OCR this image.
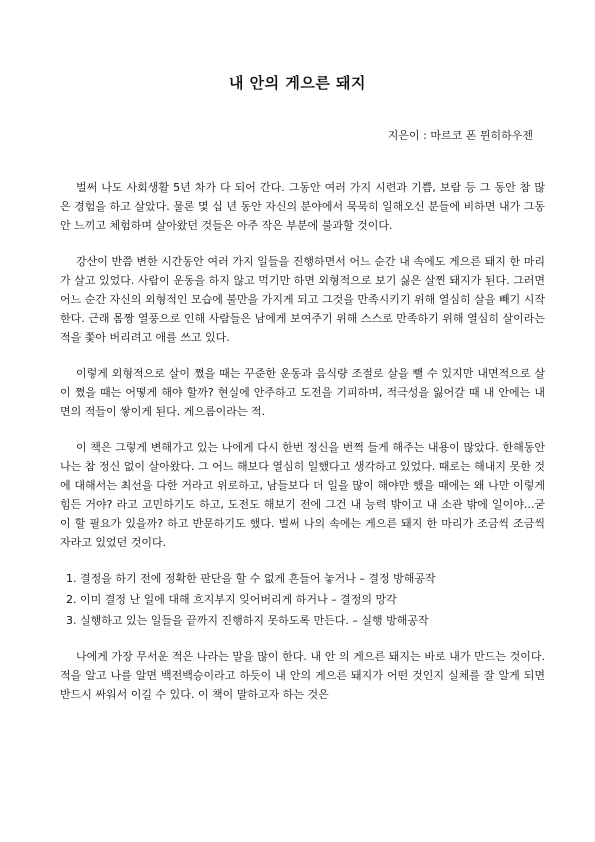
내 안의 게으른 돼지
지은이 : 마르코 폰 뮌히하우젠

벌써 나도 사회생활 5년 차가 다 되어 간다. 그동안 여러 가지 시련과 기쁨, 보람 등 그 동안 참 많은 경험을 하고 살았다. 물론 몇 십 년 동안 자신의 분야에서 묵묵히 일해오신 분들에 비하면 내가 그동안 느끼고 체험하며 살아왔던 것들은 아주 작은 부분에 불과할 것이다.

강산이 반쯤 변한 시간동안 여러 가지 일들을 진행하면서 어느 순간 내 속에도 게으른 돼지 한 마리가 살고 있었다. 사람이 운동을 하지 않고 먹기만 하면 외형적으로 보기 싫은 살찐 돼지가 된다. 그러면 어느 순간 자신의 외형적인 모습에 불만을 가지게 되고 그것을 만족시키기 위해 열심히 살을 빼기 시작한다. 근래 몸짱 열풍으로 인해 사람들은 남에게 보여주기 위해 스스로 만족하기 위해 열심히 살이라는 적을 쫓아 버리려고 애를 쓰고 있다.

이렇게 외형적으로 살이 쪘을 때는 꾸준한 운동과 음식량 조절로 살을 뺄 수 있지만 내면적으로 살이 쪘을 때는 어떻게 해야 할까? 현실에 안주하고 도전을 기피하며, 적극성을 잃어갈 때 내 안에는 내면의 적들이 쌓이게 된다. 게으름이라는 적.

이 책은 그렇게 변해가고 있는 나에게 다시 한번 정신을 번쩍 들게 해주는 내용이 많았다. 한해동안 나는 참 정신 없이 살아왔다. 그 어느 해보다 열심히 일했다고 생각하고 있었다. 때로는 해내지 못한 것에 대해서는 최선을 다한 거라고 위로하고, 남들보다 더 일을 많이 해야만 했을 때에는 왜 나만 이렇게 힘든 거야? 라고 고민하기도 하고, 도전도 해보기 전에 그건 내 능력 밖이고 내 소관 밖에 일이야...굳이 할 필요가 있을까? 하고 반문하기도 했다. 벌써 나의 속에는 게으른 돼지 한 마리가 조금씩 조금씩 자라고 있었던 것이다.

1. 결정을 하기 전에 정확한 판단을 할 수 없게 흔들어 놓거나 – 결정 방해공작
2. 이미 결정 난 일에 대해 흐지부지 잊어버리게 하거나 – 결정의 망각
3. 실행하고 있는 일들을 끝까지 진행하지 못하도록 만든다. – 실행 방해공작

나에게 가장 무서운 적은 나라는 말을 많이 한다. 내 안 의 게으른 돼지는 바로 내가 만드는 것이다. 적을 알고 나를 알면 백전백승이라고 하듯이 내 안의 게으른 돼지가 어떤 것인지 실체를 잘 알게 되면 반드시 싸워서 이길 수 있다. 이 책이 말하고자 하는 것은
